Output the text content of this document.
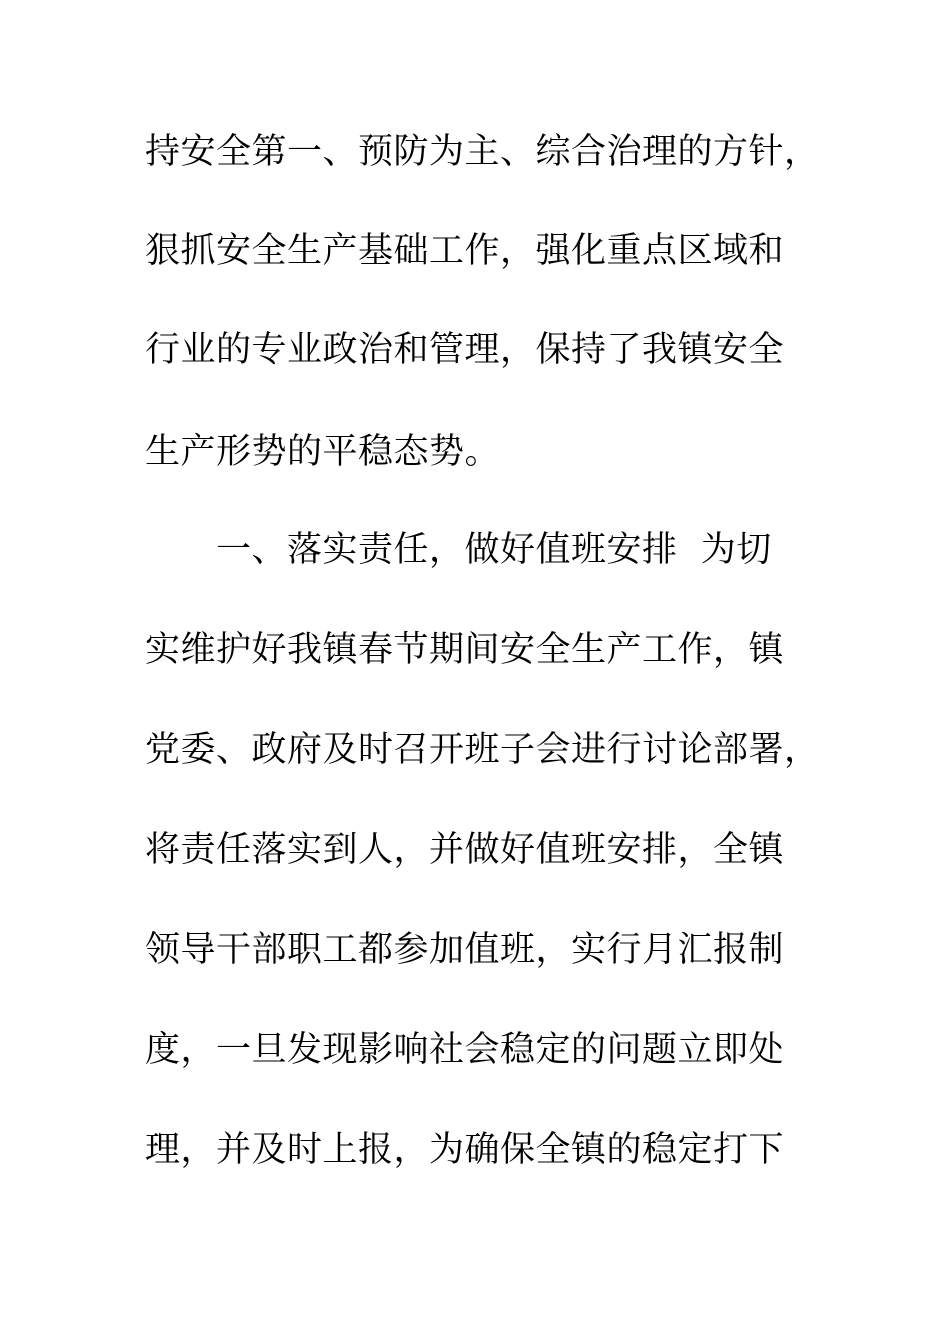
持安全第一、预防为主、综合治理的方针，
狠抓安全生产基础工作，强化重点区域和
行业的专业政治和管理，保持了我镇安全
生产形势的平稳态势。
　　一、落实责任，做好值班安排  为切
实维护好我镇春节期间安全生产工作，镇
党委、政府及时召开班子会进行讨论部署，
将责任落实到人，并做好值班安排，全镇
领导干部职工都参加值班，实行月汇报制
度，一旦发现影响社会稳定的问题立即处
理，并及时上报，为确保全镇的稳定打下
